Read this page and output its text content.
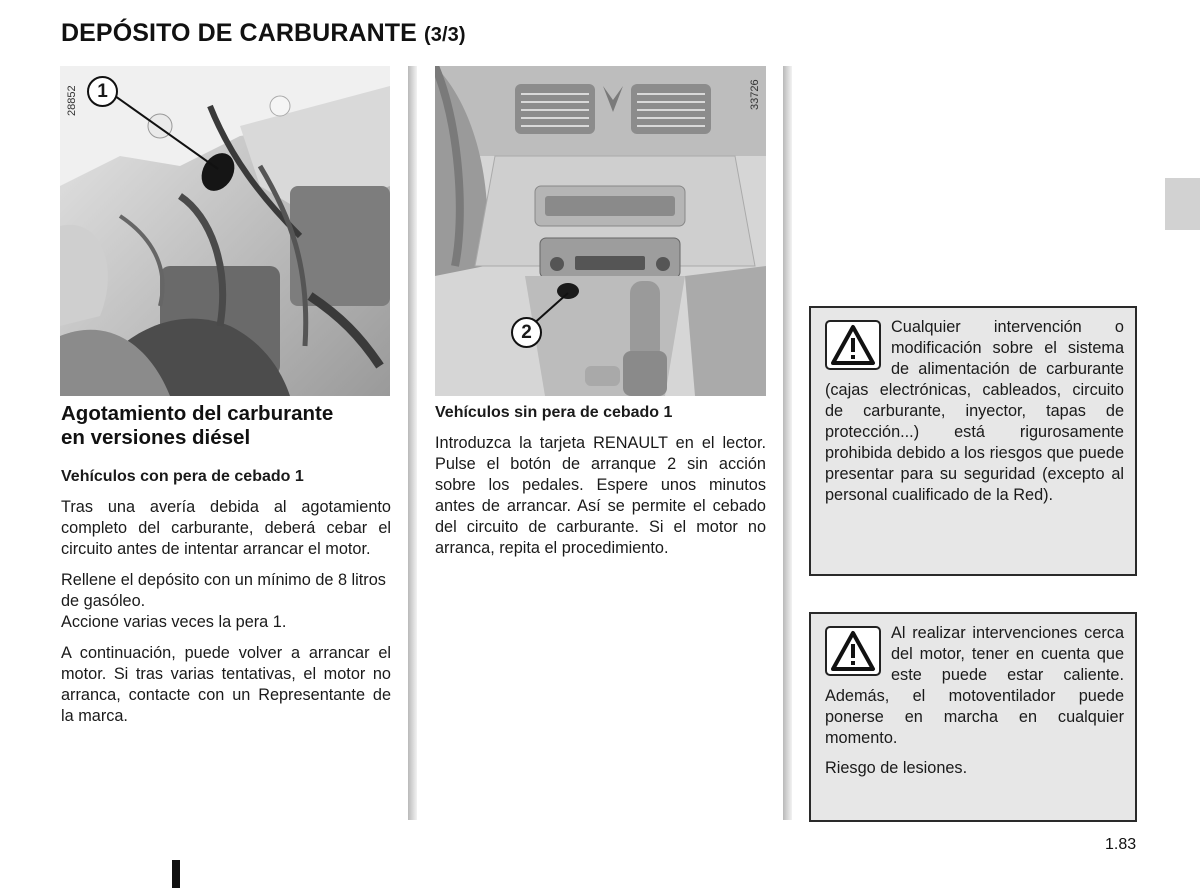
DEPÓSITO DE CARBURANTE (3/3)
1
28852
2
33726
Agotamiento del carburante
en versiones diésel

Vehículos con pera de cebado 1

Tras una avería debida al agotamiento completo del carburante, deberá cebar el circuito antes de intentar arrancar el motor.

Rellene el depósito con un mínimo de 8 litros de gasóleo.

Accione varias veces la pera 1.

A continuación, puede volver a arrancar el motor. Si tras varias tentativas, el motor no arranca, contacte con un Representante de la marca.

Vehículos sin pera de cebado 1

Introduzca la tarjeta RENAULT en el lector. Pulse el botón de arranque 2 sin acción sobre los pedales. Espere unos minutos antes de arrancar. Así se permite el cebado del circuito de carburante. Si el motor no arranca, repita el procedimiento.

Cualquier intervención o modificación sobre el sistema de alimentación de carburante (cajas electrónicas, cableados, circuito de carburante, inyector, tapas de protección...) está rigurosamente prohibida debido a los riesgos que puede presentar para su seguridad (excepto al personal cualificado de la Red).

Al realizar intervenciones cerca del motor, tener en cuenta que este puede estar caliente. Además, el motoventilador puede ponerse en marcha en cualquier momento.

Riesgo de lesiones.

1.83
